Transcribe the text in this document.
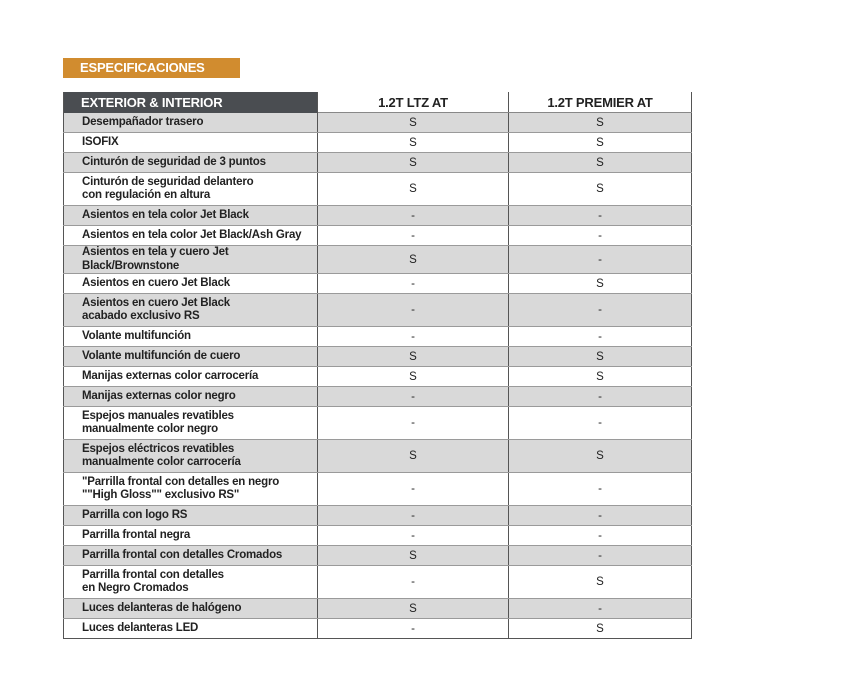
ESPECIFICACIONES
EXTERIOR & INTERIOR	1.2T LTZ AT	1.2T PREMIER AT
Desempañador trasero	S	S
ISOFIX	S	S
Cinturón de seguridad de 3 puntos	S	S
Cinturón de seguridad delantero
con regulación en altura	S	S
Asientos en tela color Jet Black	-	-
Asientos en tela color Jet Black/Ash Gray	-	-
Asientos en tela y cuero Jet Black/Brownstone	S	-
Asientos en cuero Jet Black	-	S
Asientos en cuero Jet Black
acabado exclusivo RS	-	-
Volante multifunción	-	-
Volante multifunción de cuero	S	S
Manijas externas color carrocería	S	S
Manijas externas color negro	-	-
Espejos manuales revatibles
manualmente color negro	-	-
Espejos eléctricos revatibles
manualmente color carrocería	S	S
"Parrilla frontal con detalles en negro
""High Gloss"" exclusivo RS"	-	-
Parrilla con logo RS	-	-
Parrilla frontal negra	-	-
Parrilla frontal con detalles Cromados	S	-
Parrilla frontal con detalles
en Negro Cromados	-	S
Luces delanteras de halógeno	S	-
Luces delanteras LED	-	S
